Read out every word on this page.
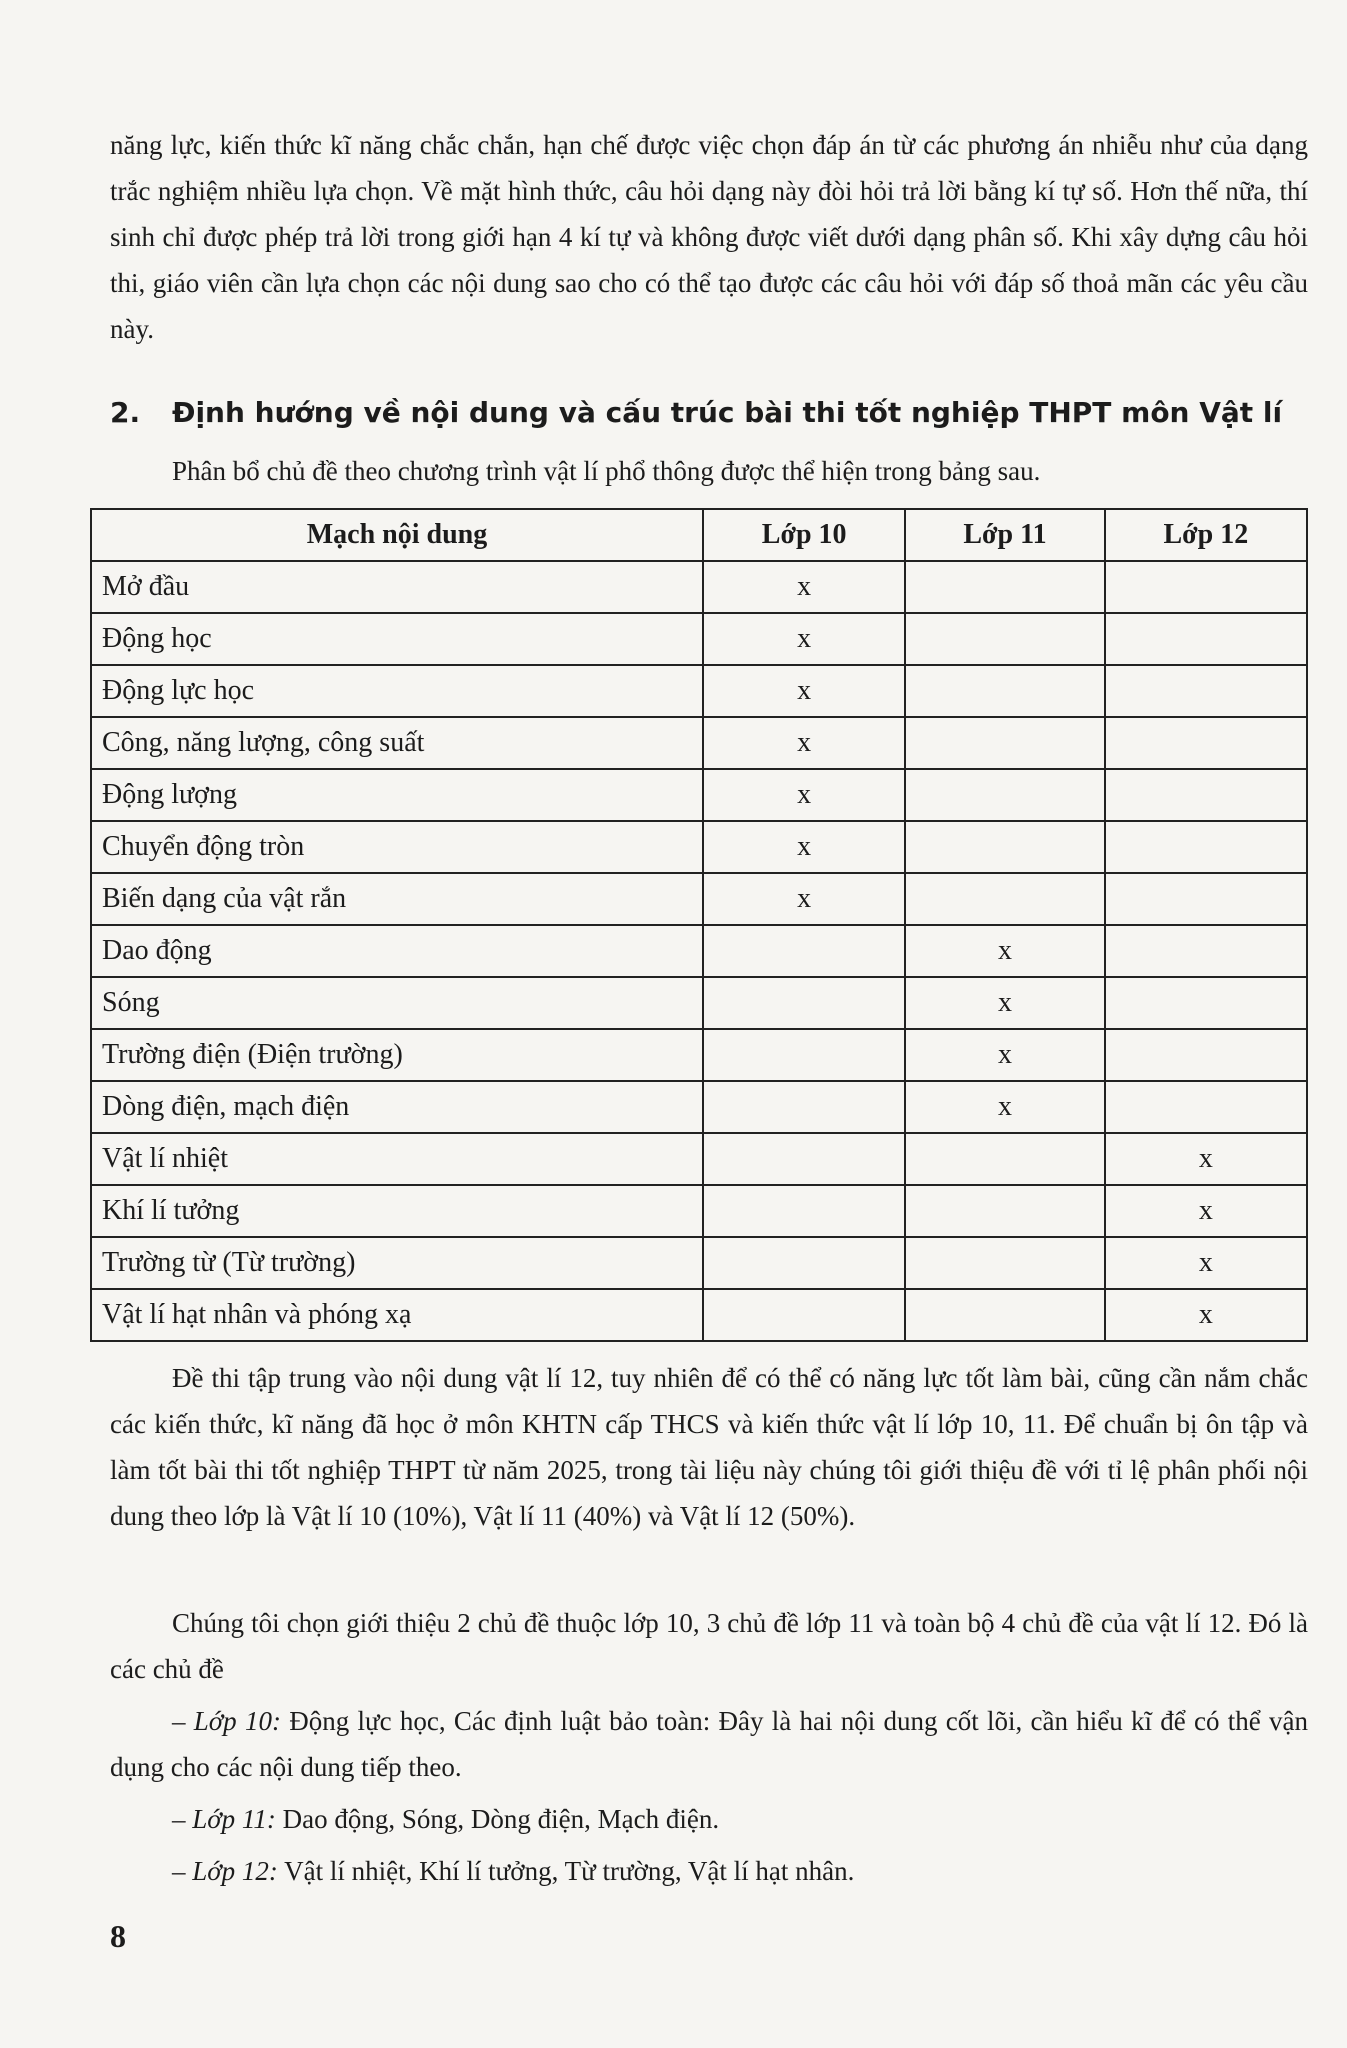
năng lực, kiến thức kĩ năng chắc chắn, hạn chế được việc chọn đáp án từ các phương án nhiễu như của dạng trắc nghiệm nhiều lựa chọn. Về mặt hình thức, câu hỏi dạng này đòi hỏi trả lời bằng kí tự số. Hơn thế nữa, thí sinh chỉ được phép trả lời trong giới hạn 4 kí tự và không được viết dưới dạng phân số. Khi xây dựng câu hỏi thi, giáo viên cần lựa chọn các nội dung sao cho có thể tạo được các câu hỏi với đáp số thoả mãn các yêu cầu này.
2. Định hướng về nội dung và cấu trúc bài thi tốt nghiệp THPT môn Vật lí
Phân bổ chủ đề theo chương trình vật lí phổ thông được thể hiện trong bảng sau.
Mạch nội dung	Lớp 10	Lớp 11	Lớp 12
Mở đầu	x		
Động học	x		
Động lực học	x		
Công, năng lượng, công suất	x		
Động lượng	x		
Chuyển động tròn	x		
Biến dạng của vật rắn	x		
Dao động		x	
Sóng		x	
Trường điện (Điện trường)		x	
Dòng điện, mạch điện		x	
Vật lí nhiệt			x
Khí lí tưởng			x
Trường từ (Từ trường)			x
Vật lí hạt nhân và phóng xạ			x
Đề thi tập trung vào nội dung vật lí 12, tuy nhiên để có thể có năng lực tốt làm bài, cũng cần nắm chắc các kiến thức, kĩ năng đã học ở môn KHTN cấp THCS và kiến thức vật lí lớp 10, 11. Để chuẩn bị ôn tập và làm tốt bài thi tốt nghiệp THPT từ năm 2025, trong tài liệu này chúng tôi giới thiệu đề với tỉ lệ phân phối nội dung theo lớp là Vật lí 10 (10%), Vật lí 11 (40%) và Vật lí 12 (50%).
Chúng tôi chọn giới thiệu 2 chủ đề thuộc lớp 10, 3 chủ đề lớp 11 và toàn bộ 4 chủ đề của vật lí 12. Đó là các chủ đề
– Lớp 10: Động lực học, Các định luật bảo toàn: Đây là hai nội dung cốt lõi, cần hiểu kĩ để có thể vận dụng cho các nội dung tiếp theo.
– Lớp 11: Dao động, Sóng, Dòng điện, Mạch điện.
– Lớp 12: Vật lí nhiệt, Khí lí tưởng, Từ trường, Vật lí hạt nhân.
8
